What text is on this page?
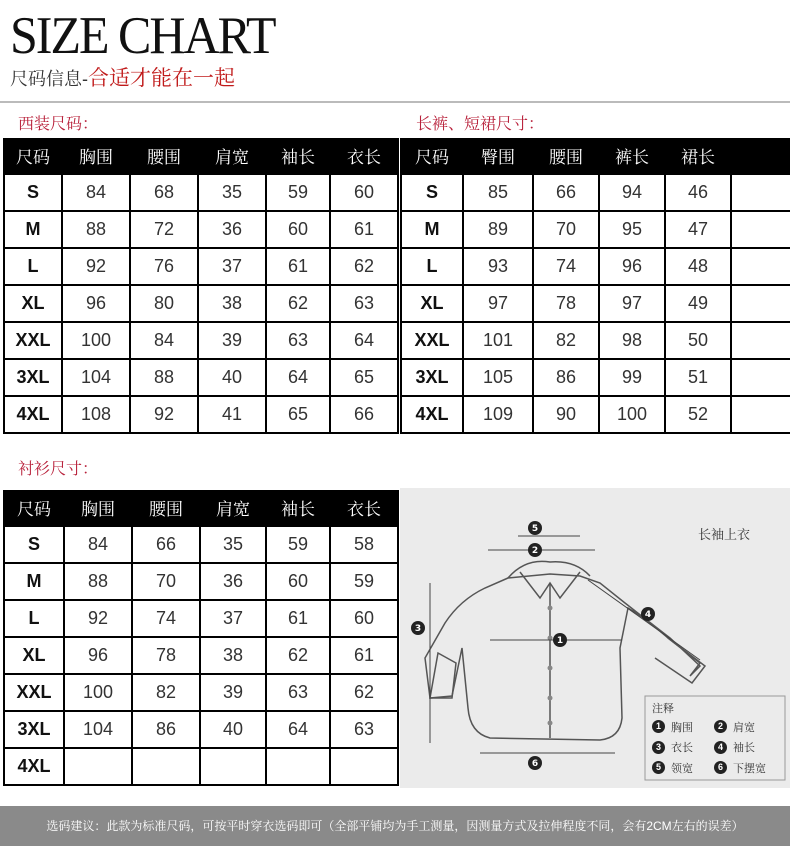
SIZE CHART
尺码信息-合适才能在一起
西装尺码：	长裤、短裙尺寸：
尺码	胸围	腰围	肩宽	袖长	衣长
S	84	68	35	59	60
M	88	72	36	60	61
L	92	76	37	61	62
XL	96	80	38	62	63
XXL	100	84	39	63	64
3XL	104	88	40	64	65
4XL	108	92	41	65	66
尺码	臀围	腰围	裤长	裙长	
S	85	66	94	46	
M	89	70	95	47	
L	93	74	96	48	
XL	97	78	97	49	
XXL	101	82	98	50	
3XL	105	86	99	51	
4XL	109	90	100	52	
衬衫尺寸：
尺码	胸围	腰围	肩宽	袖长	衣长
S	84	66	35	59	58
M	88	70	36	60	59
L	92	74	37	61	60
XL	96	78	38	62	61
XXL	100	82	39	63	62
3XL	104	86	40	64	63
4XL					
5
2
3
1
4
6
长袖上衣
注释
1 胸围	2 肩宽
3 衣长	4 袖长
5 领宽	6 下摆宽
选码建议：此款为标准尺码，可按平时穿衣选码即可（全部平铺均为手工测量，因测量方式及拉伸程度不同，会有2CM左右的误差）
